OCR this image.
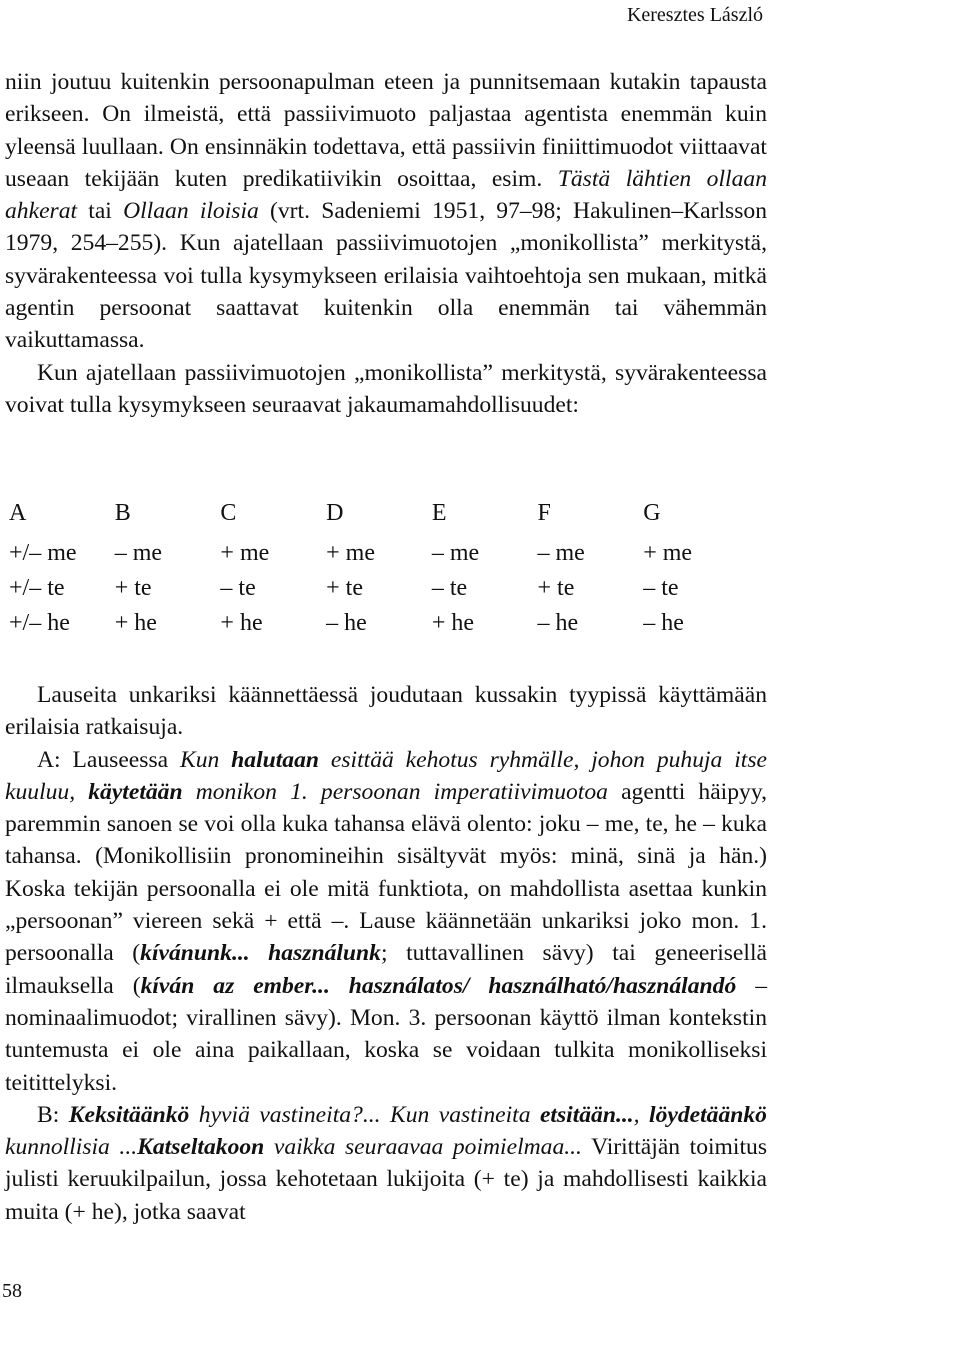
Keresztes László

niin joutuu kuitenkin persoonapulman eteen ja punnitsemaan kutakin tapausta erikseen. On ilmeistä, että passiivimuoto paljastaa agentista enemmän kuin yleensä luullaan. On ensinnäkin todettava, että passiivin finiittimuodot viittaavat useaan tekijään kuten predikatiivikin osoittaa, esim. Tästä lähtien ollaan ahkerat tai Ollaan iloisia (vrt. Sadeniemi 1951, 97–98; Hakulinen–Karlsson 1979, 254–255). Kun ajatellaan passiivimuotojen „monikollista” merkitystä, syvärakenteessa voi tulla kysymykseen erilaisia vaihtoehtoja sen mukaan, mitkä agentin persoonat saattavat kuitenkin olla enemmän tai vähemmän vaikuttamassa.

Kun ajatellaan passiivimuotojen „monikollista” merkitystä, syvärakenteessa voivat tulla kysymykseen seuraavat jakaumamahdollisuudet:

A	B	C	D	E	F	G
+/– me	– me	+ me	+ me	– me	– me	+ me
+/– te	+ te	– te	+ te	– te	+ te	– te
+/– he	+ he	+ he	– he	+ he	– he	– he

Lauseita unkariksi käännettäessä joudutaan kussakin tyypissä käyttämään erilaisia ratkaisuja.

A: Lauseessa Kun halutaan esittää kehotus ryhmälle, johon puhuja itse kuuluu, käytetään monikon 1. persoonan imperatiivimuotoa agentti häipyy, paremmin sanoen se voi olla kuka tahansa elävä olento: joku – me, te, he – kuka tahansa. (Monikollisiin pronomineihin sisältyvät myös: minä, sinä ja hän.) Koska tekijän persoonalla ei ole mitä funktiota, on mahdollista asettaa kunkin „persoonan” viereen sekä + että –. Lause käännetään unkariksi joko mon. 1. persoonalla (kívánunk... használunk; tuttavallinen sävy) tai geneerisellä ilmauksella (kíván az ember... használatos/ használható/használandó – nominaalimuodot; virallinen sävy). Mon. 3. persoonan käyttö ilman kontekstin tuntemusta ei ole aina paikallaan, koska se voidaan tulkita monikolliseksi teitittelyksi.

B: Keksitäänkö hyviä vastineita?... Kun vastineita etsitään..., löydetäänkö kunnollisia ...Katseltakoon vaikka seuraavaa poimielmaa... Virittäjän toimitus julisti keruukilpailun, jossa kehotetaan lukijoita (+ te) ja mahdollisesti kaikkia muita (+ he), jotka saavat

58
